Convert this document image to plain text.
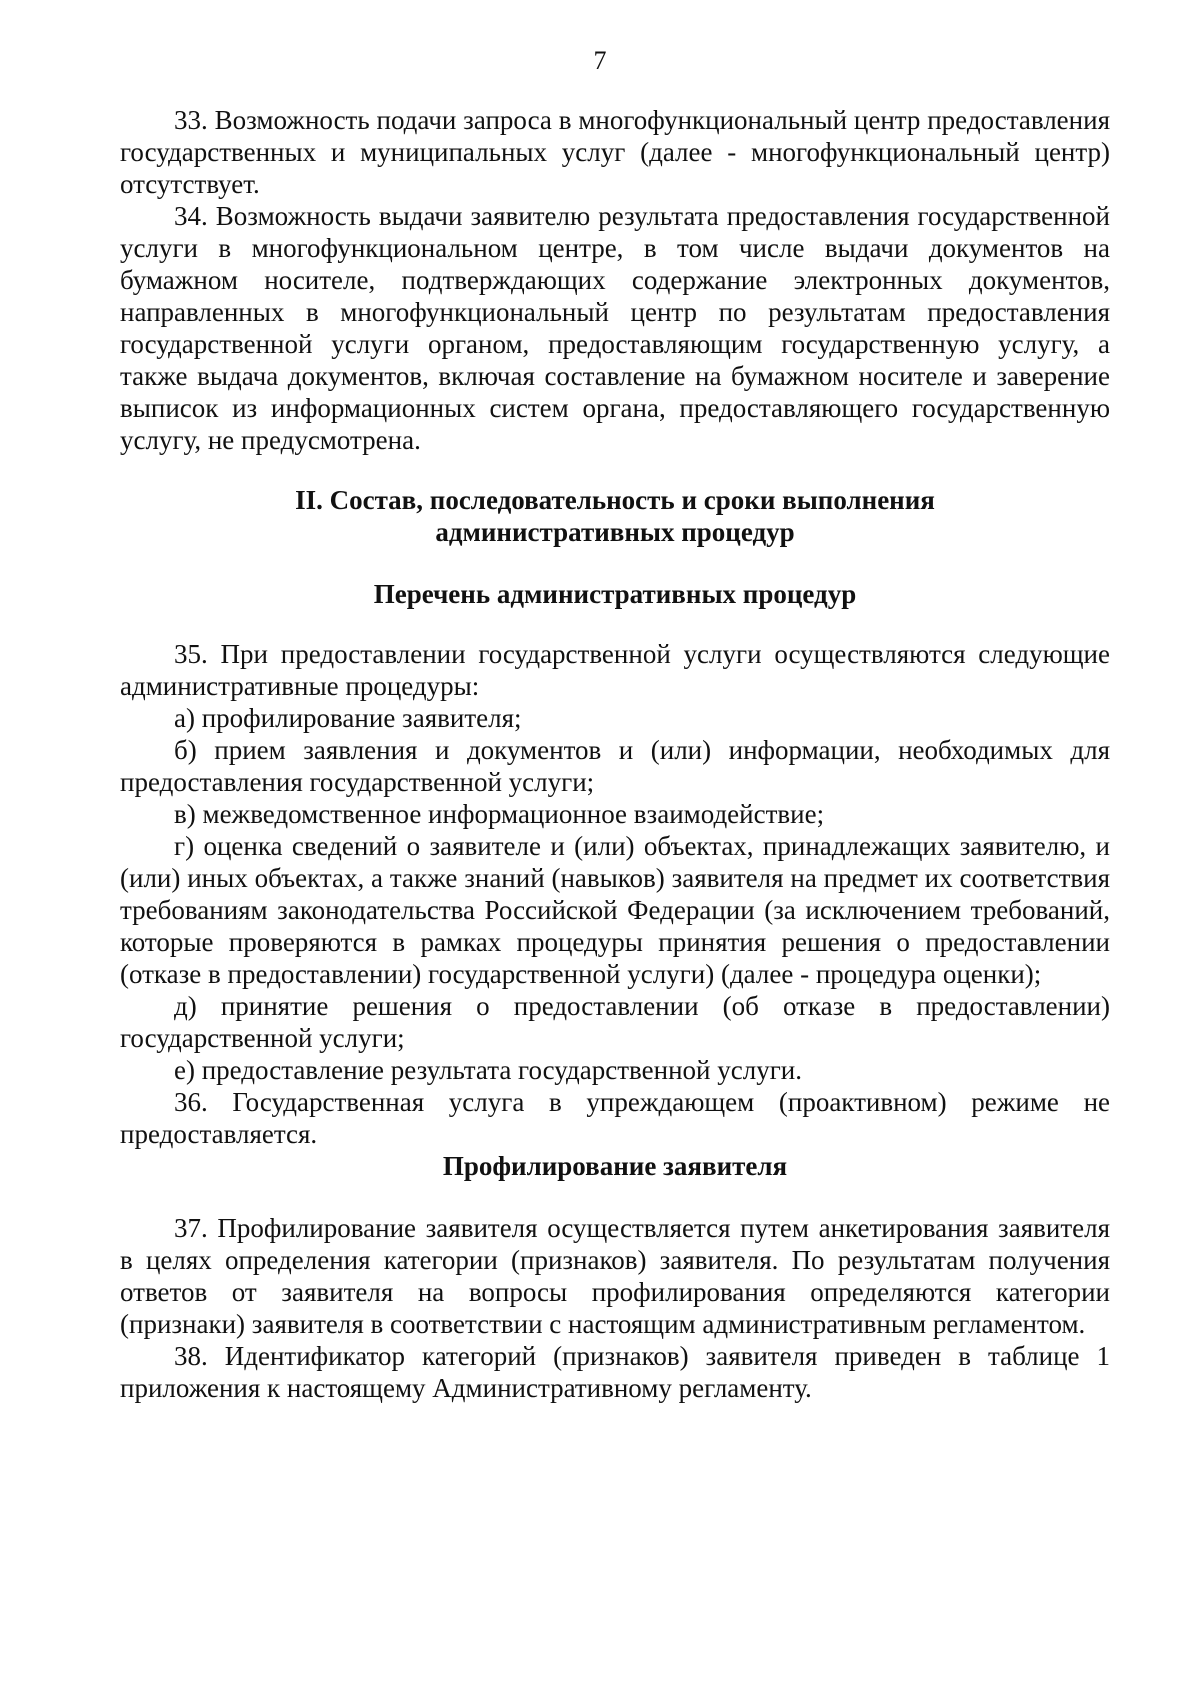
7

33. Возможность подачи запроса в многофункциональный центр предоставления государственных и муниципальных услуг (далее - многофункциональный центр) отсутствует.

34. Возможность выдачи заявителю результата предоставления государственной услуги в многофункциональном центре, в том числе выдачи документов на бумажном носителе, подтверждающих содержание электронных документов, направленных в многофункциональный центр по результатам предоставления государственной услуги органом, предоставляющим государственную услугу, а также выдача документов, включая составление на бумажном носителе и заверение выписок из информационных систем органа, предоставляющего государственную услугу, не предусмотрена.

II. Состав, последовательность и сроки выполнения
административных процедур
Перечень административных процедур

35. При предоставлении государственной услуги осуществляются следующие административные процедуры:

а) профилирование заявителя;

б) прием заявления и документов и (или) информации, необходимых для предоставления государственной услуги;

в) межведомственное информационное взаимодействие;

г) оценка сведений о заявителе и (или) объектах, принадлежащих заявителю, и (или) иных объектах, а также знаний (навыков) заявителя на предмет их соответствия требованиям законодательства Российской Федерации (за исключением требований, которые проверяются в рамках процедуры принятия решения о предоставлении (отказе в предоставлении) государственной услуги) (далее - процедура оценки);

д) принятие решения о предоставлении (об отказе в предоставлении) государственной услуги;

е) предоставление результата государственной услуги.

36. Государственная услуга в упреждающем (проактивном) режиме не предоставляется.

Профилирование заявителя

37. Профилирование заявителя осуществляется путем анкетирования заявителя в целях определения категории (признаков) заявителя. По результатам получения ответов от заявителя на вопросы профилирования определяются категории (признаки) заявителя в соответствии с настоящим административным регламентом.

38. Идентификатор категорий (признаков) заявителя приведен в таблице 1 приложения к настоящему Административному регламенту.
